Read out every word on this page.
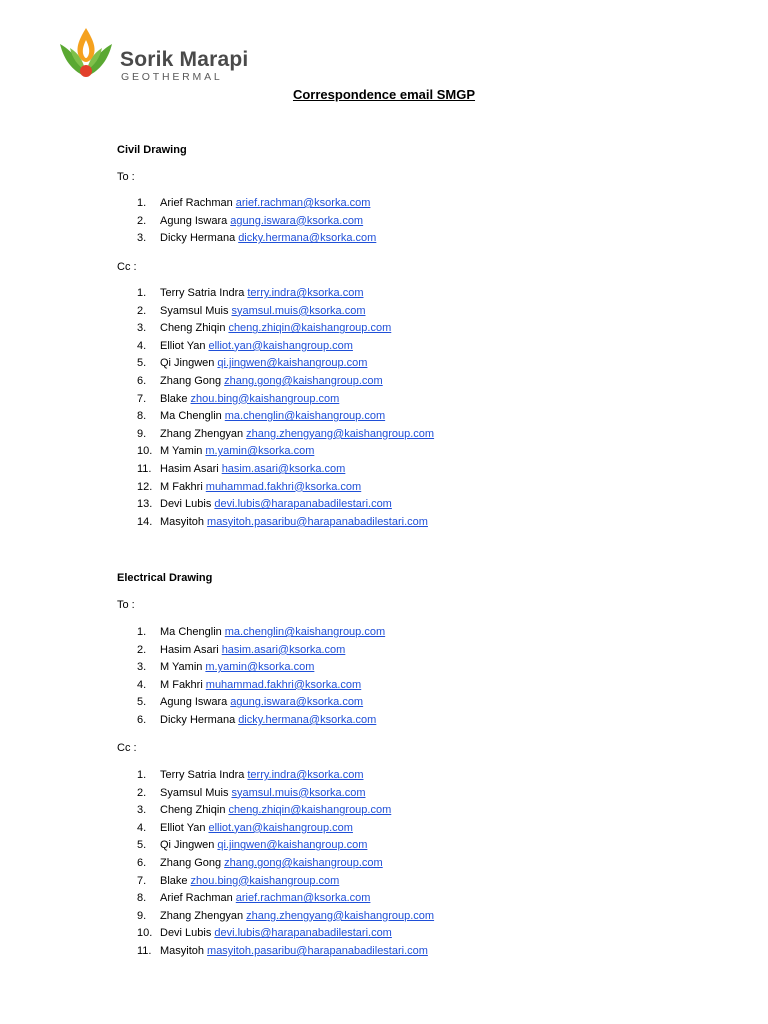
Sorik Marapi
GEOTHERMAL
Correspondence email SMGP
Civil Drawing
To :
1. Arief Rachman arief.rachman@ksorka.com
2. Agung Iswara agung.iswara@ksorka.com
3. Dicky Hermana dicky.hermana@ksorka.com
Cc :
1. Terry Satria Indra terry.indra@ksorka.com
2. Syamsul Muis syamsul.muis@ksorka.com
3. Cheng Zhiqin cheng.zhiqin@kaishangroup.com
4. Elliot Yan elliot.yan@kaishangroup.com
5. Qi Jingwen qi.jingwen@kaishangroup.com
6. Zhang Gong zhang.gong@kaishangroup.com
7. Blake zhou.bing@kaishangroup.com
8. Ma Chenglin ma.chenglin@kaishangroup.com
9. Zhang Zhengyan zhang.zhengyang@kaishangroup.com
10. M Yamin m.yamin@ksorka.com
11. Hasim Asari hasim.asari@ksorka.com
12. M Fakhri muhammad.fakhri@ksorka.com
13. Devi Lubis devi.lubis@harapanabadilestari.com
14. Masyitoh masyitoh.pasaribu@harapanabadilestari.com
Electrical Drawing
To :
1. Ma Chenglin ma.chenglin@kaishangroup.com
2. Hasim Asari hasim.asari@ksorka.com
3. M Yamin m.yamin@ksorka.com
4. M Fakhri muhammad.fakhri@ksorka.com
5. Agung Iswara agung.iswara@ksorka.com
6. Dicky Hermana dicky.hermana@ksorka.com
Cc :
1. Terry Satria Indra terry.indra@ksorka.com
2. Syamsul Muis syamsul.muis@ksorka.com
3. Cheng Zhiqin cheng.zhiqin@kaishangroup.com
4. Elliot Yan elliot.yan@kaishangroup.com
5. Qi Jingwen qi.jingwen@kaishangroup.com
6. Zhang Gong zhang.gong@kaishangroup.com
7. Blake zhou.bing@kaishangroup.com
8. Arief Rachman arief.rachman@ksorka.com
9. Zhang Zhengyan zhang.zhengyang@kaishangroup.com
10. Devi Lubis devi.lubis@harapanabadilestari.com
11. Masyitoh masyitoh.pasaribu@harapanabadilestari.com
